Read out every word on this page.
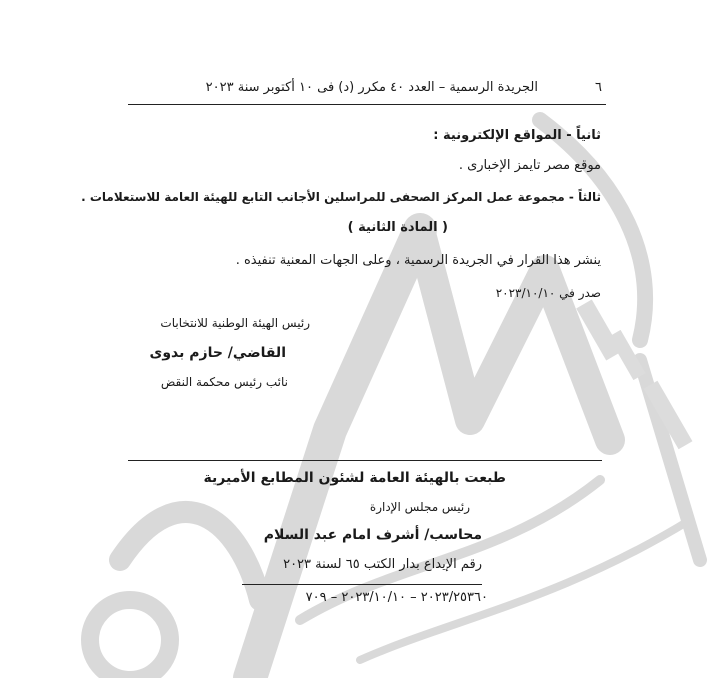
٦
الجريدة الرسمية – العدد ٤٠ مكرر (د) فى ١٠ أكتوبر سنة ٢٠٢٣
ثانياً - المواقع الإلكترونية :
موقع مصر تايمز الإخبارى .
ثالثاً - مجموعة عمل المركز الصحفى للمراسلين الأجانب التابع للهيئة العامة للاستعلامات .
( المادة الثانية )
ينشر هذا القرار في الجريدة الرسمية ، وعلى الجهات المعنية تنفيذه .
صدر في ٢٠٢٣/١٠/١٠
رئيس الهيئة الوطنية للانتخابات
القاضي/ حازم بدوى
نائب رئيس محكمة النقض
طبعت بالهيئة العامة لشئون المطابع الأميرية
رئيس مجلس الإدارة
محاسب/ أشرف امام عبد السلام
رقم الإيداع بدار الكتب ٦٥ لسنة ٢٠٢٣
٢٠٢٣/٢٥٣٦٠ – ٢٠٢٣/١٠/١٠ – ٧٠٩
